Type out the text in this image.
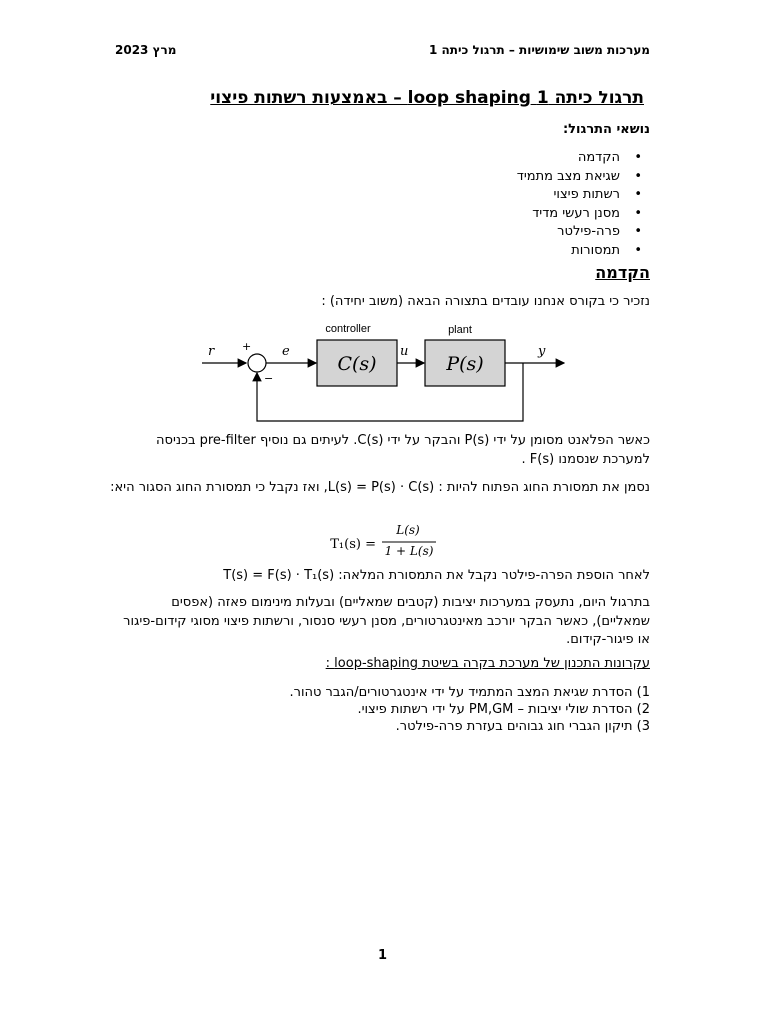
מערכות משוב שימושיות – תרגול כיתה 1
מרץ 2023
תרגול כיתה 1 loop shaping – באמצעות רשתות פיצוי
נושאי התרגול:
• הקדמה
• שגיאת מצב מתמיד
• רשתות פיצוי
• מסנן רעשי מדיד
• פרה-פילטר
• תמסורות
הקדמה
נזכיר כי בקורס אנחנו עובדים בתצורה הבאה (משוב יחידה) :
controller	plant
C(s)	P(s)
r	e	u	y
+
−
כאשר הפלאנט מסומן על ידי P(s) והבקר על ידי C(s). לעיתים גם נוסיף pre-filter בכניסה למערכת שנסמנו F(s) .
נסמן את תמסורת החוג הפתוח להיות : L(s) = P(s) · C(s), ואז נקבל כי תמסורת החוג הסגור היא:
T₁(s) =
L(s)
1 + L(s)
לאחר הוספת הפרה-פילטר נקבל את התמסורת המלאה: T(s) = F(s) · T₁(s)
בתרגול היום, נתעסק במערכות יציבות (קטבים שמאליים) ובעלות מינימום פאזה (אפסים שמאליים), כאשר הבקר יורכב מאינטגרטורים, מסנן רעשי סנסור, ורשתות פיצוי מסוגי קידום-פיגור או פיגור-קידום.
עקרונות התכנון של מערכת בקרה בשיטת loop-shaping :
1) הסדרת שגיאת המצב המתמיד על ידי אינטגרטורים/הגבר טהור.
2) הסדרת שולי יציבות – PM,GM על ידי רשתות פיצוי.
3) תיקון הגברי חוג גבוהים בעזרת פרה-פילטר.
1
